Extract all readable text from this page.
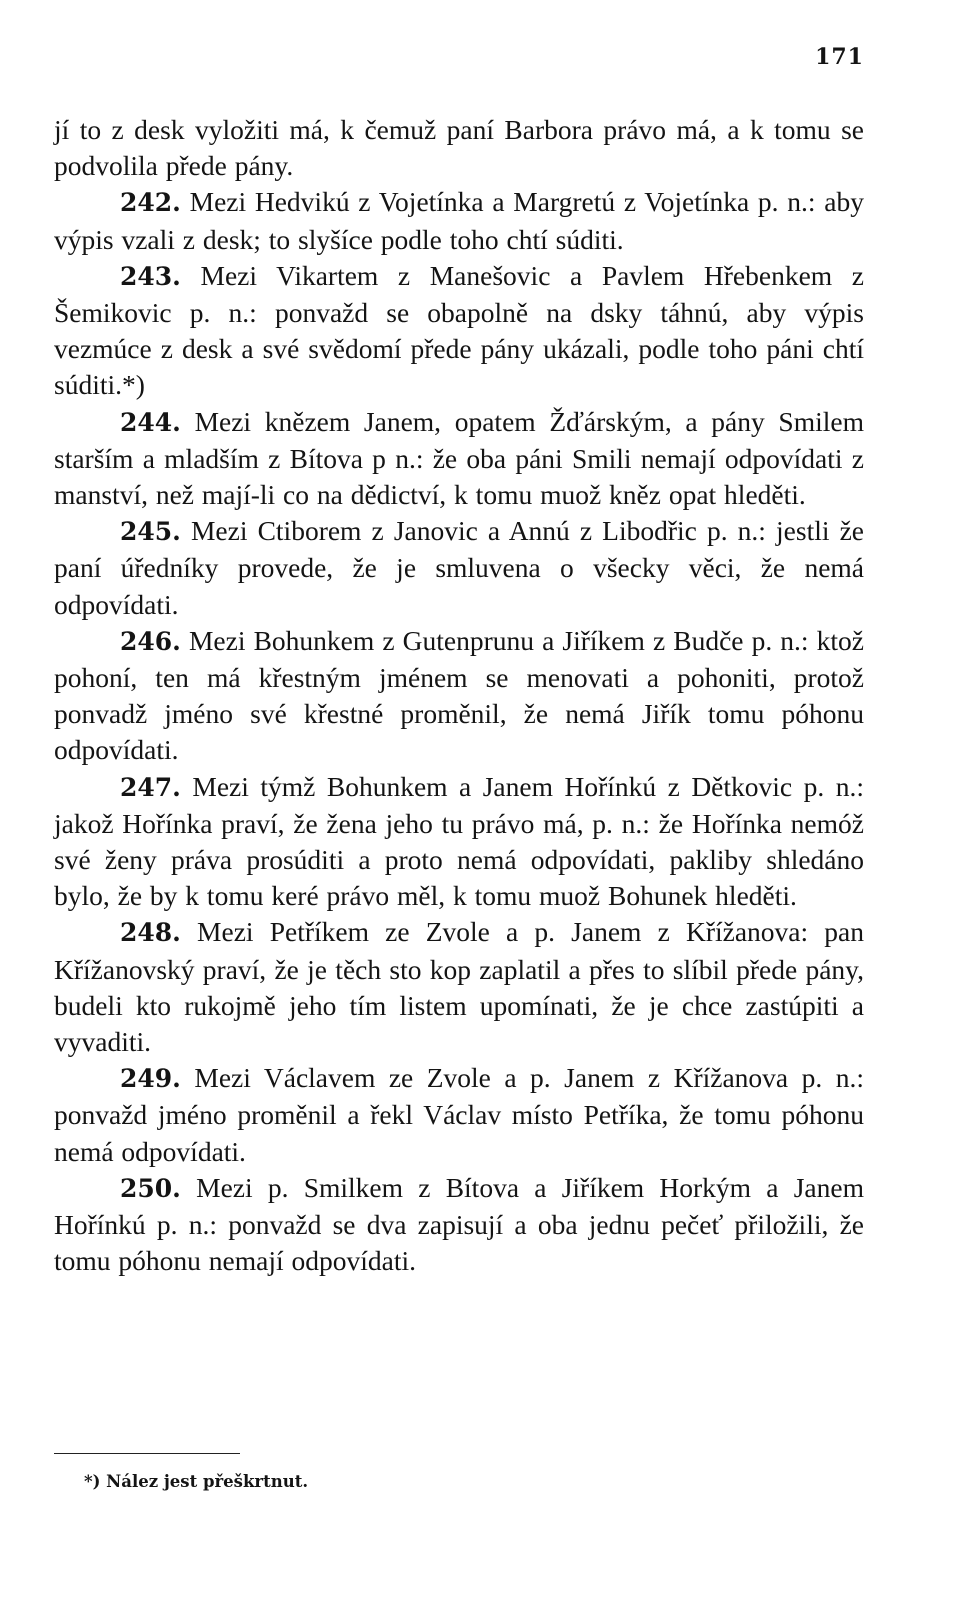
171

jí to z desk vyložiti má, k čemuž paní Barbora právo má, a k tomu se podvolila přede pány.

242. Mezi Hedvikú z Vojetínka a Margretú z Vojetínka p. n.: aby výpis vzali z desk; to slyšíce podle toho chtí súditi.

243. Mezi Vikartem z Manešovic a Pavlem Hřebenkem z Šemikovic p. n.: ponvažd se obapolně na dsky táhnú, aby výpis vezmúce z desk a své svědomí přede pány ukázali, podle toho páni chtí súditi.*)

244. Mezi knězem Janem, opatem Žďárským, a pány Smilem starším a mladším z Bítova p n.: že oba páni Smili nemají odpovídati z manství, než mají-li co na dědictví, k tomu muož kněz opat hleděti.

245. Mezi Ctiborem z Janovic a Annú z Libodřic p. n.: jestli že paní úředníky provede, že je smluvena o všecky věci, že nemá odpovídati.

246. Mezi Bohunkem z Gutenprunu a Jiříkem z Budče p. n.: ktož pohoní, ten má křestným jménem se menovati a pohoniti, protož ponvadž jméno své křestné proměnil, že nemá Jiřík tomu póhonu odpovídati.

247. Mezi týmž Bohunkem a Janem Hořínkú z Dětkovic p. n.: jakož Hořínka praví, že žena jeho tu právo má, p. n.: že Hořínka nemóž své ženy práva prosúditi a proto nemá odpovídati, pakliby shledáno bylo, že by k tomu keré právo měl, k tomu muož Bohunek hleděti.

248. Mezi Petříkem ze Zvole a p. Janem z Křížanova: pan Křížanovský praví, že je těch sto kop zaplatil a přes to slíbil přede pány, budeli kto rukojmě jeho tím listem upomínati, že je chce zastúpiti a vyvaditi.

249. Mezi Václavem ze Zvole a p. Janem z Křížanova p. n.: ponvažd jméno proměnil a řekl Václav místo Petříka, že tomu póhonu nemá odpovídati.

250. Mezi p. Smilkem z Bítova a Jiříkem Horkým a Janem Hořínkú p. n.: ponvažd se dva zapisují a oba jednu pečeť přiložili, že tomu póhonu nemají odpovídati.

*) Nález jest přeškrtnut.
